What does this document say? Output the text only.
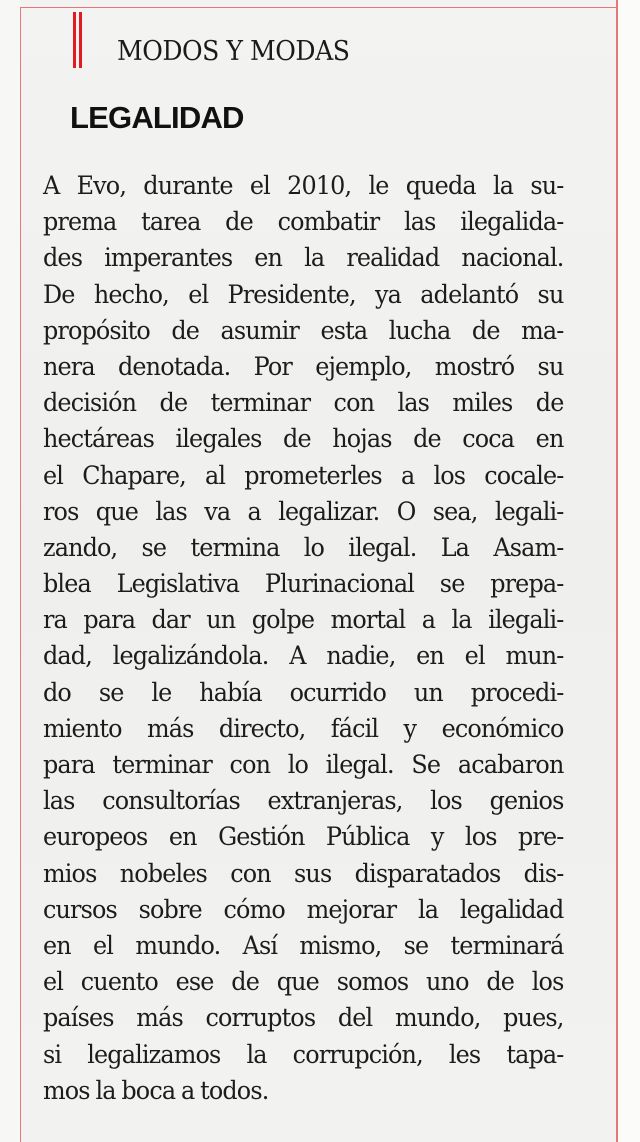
MODOS Y MODAS
LEGALIDAD
A Evo, durante el 2010, le queda la su-
prema tarea de combatir las ilegalida-
des imperantes en la realidad nacional.
De hecho, el Presidente, ya adelantó su
propósito de asumir esta lucha de ma-
nera denotada. Por ejemplo, mostró su
decisión de terminar con las miles de
hectáreas ilegales de hojas de coca en
el Chapare, al prometerles a los cocale-
ros que las va a legalizar. O sea, legali-
zando, se termina lo ilegal. La Asam-
blea Legislativa Plurinacional se prepa-
ra para dar un golpe mortal a la ilegali-
dad, legalizándola. A nadie, en el mun-
do se le había ocurrido un procedi-
miento más directo, fácil y económico
para terminar con lo ilegal. Se acabaron
las consultorías extranjeras, los genios
europeos en Gestión Pública y los pre-
mios nobeles con sus disparatados dis-
cursos sobre cómo mejorar la legalidad
en el mundo. Así mismo, se terminará
el cuento ese de que somos uno de los
países más corruptos del mundo, pues,
si legalizamos la corrupción, les tapa-
mos la boca a todos.
